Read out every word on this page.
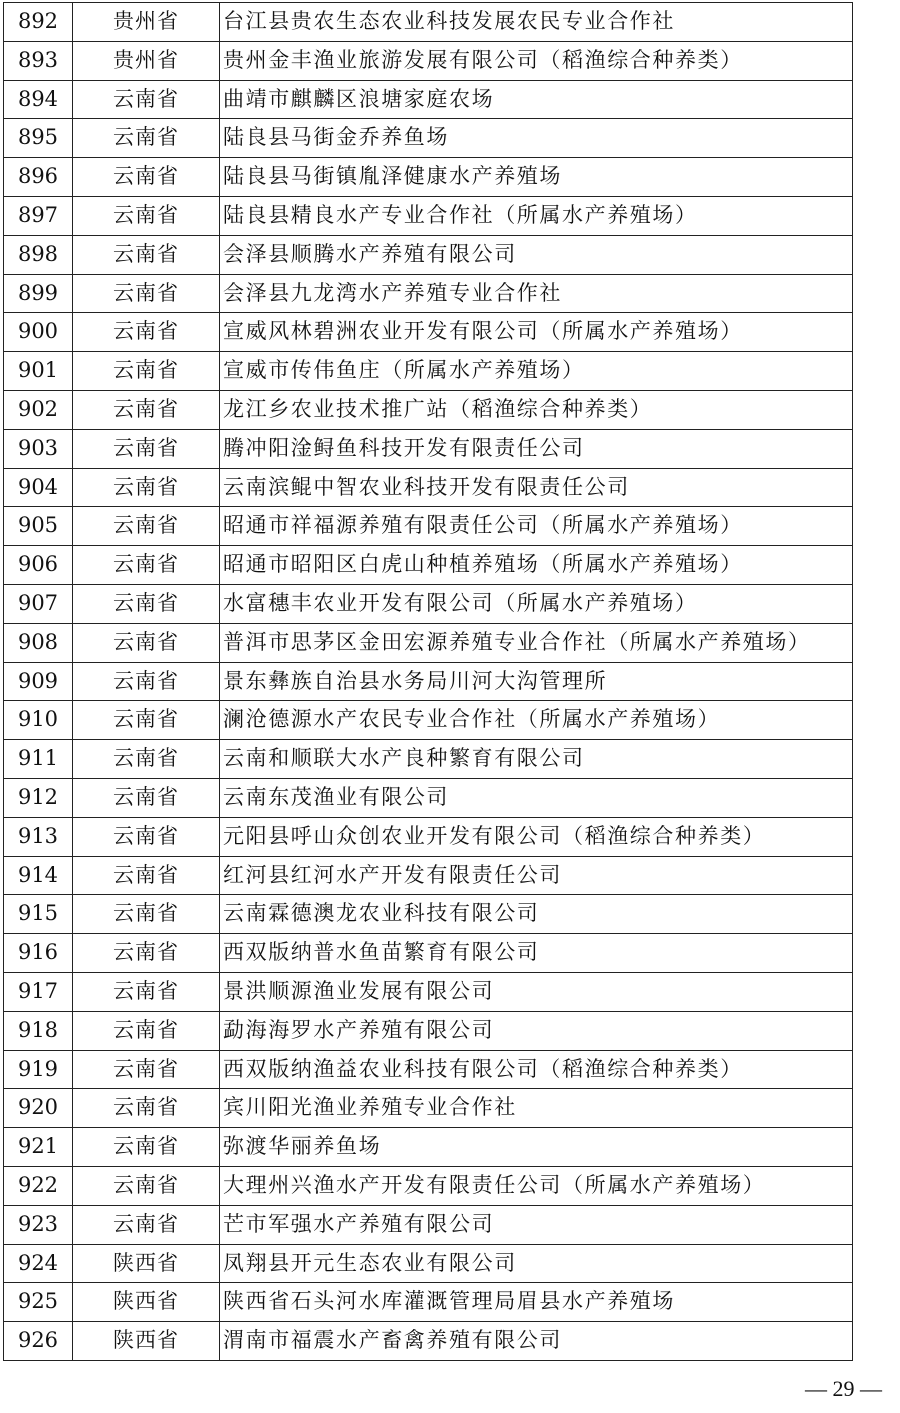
892	贵州省	台江县贵农生态农业科技发展农民专业合作社
893	贵州省	贵州金丰渔业旅游发展有限公司（稻渔综合种养类）
894	云南省	曲靖市麒麟区浪塘家庭农场
895	云南省	陆良县马街金乔养鱼场
896	云南省	陆良县马街镇胤泽健康水产养殖场
897	云南省	陆良县精良水产专业合作社（所属水产养殖场）
898	云南省	会泽县顺腾水产养殖有限公司
899	云南省	会泽县九龙湾水产养殖专业合作社
900	云南省	宣威风林碧洲农业开发有限公司（所属水产养殖场）
901	云南省	宣威市传伟鱼庄（所属水产养殖场）
902	云南省	龙江乡农业技术推广站（稻渔综合种养类）
903	云南省	腾冲阳淦鲟鱼科技开发有限责任公司
904	云南省	云南滨鲲中智农业科技开发有限责任公司
905	云南省	昭通市祥福源养殖有限责任公司（所属水产养殖场）
906	云南省	昭通市昭阳区白虎山种植养殖场（所属水产养殖场）
907	云南省	水富穗丰农业开发有限公司（所属水产养殖场）
908	云南省	普洱市思茅区金田宏源养殖专业合作社（所属水产养殖场）
909	云南省	景东彝族自治县水务局川河大沟管理所
910	云南省	澜沧德源水产农民专业合作社（所属水产养殖场）
911	云南省	云南和顺联大水产良种繁育有限公司
912	云南省	云南东茂渔业有限公司
913	云南省	元阳县呼山众创农业开发有限公司（稻渔综合种养类）
914	云南省	红河县红河水产开发有限责任公司
915	云南省	云南霖德澳龙农业科技有限公司
916	云南省	西双版纳普水鱼苗繁育有限公司
917	云南省	景洪顺源渔业发展有限公司
918	云南省	勐海海罗水产养殖有限公司
919	云南省	西双版纳渔益农业科技有限公司（稻渔综合种养类）
920	云南省	宾川阳光渔业养殖专业合作社
921	云南省	弥渡华丽养鱼场
922	云南省	大理州兴渔水产开发有限责任公司（所属水产养殖场）
923	云南省	芒市军强水产养殖有限公司
924	陕西省	凤翔县开元生态农业有限公司
925	陕西省	陕西省石头河水库灌溉管理局眉县水产养殖场
926	陕西省	渭南市福震水产畜禽养殖有限公司
— 29 —
